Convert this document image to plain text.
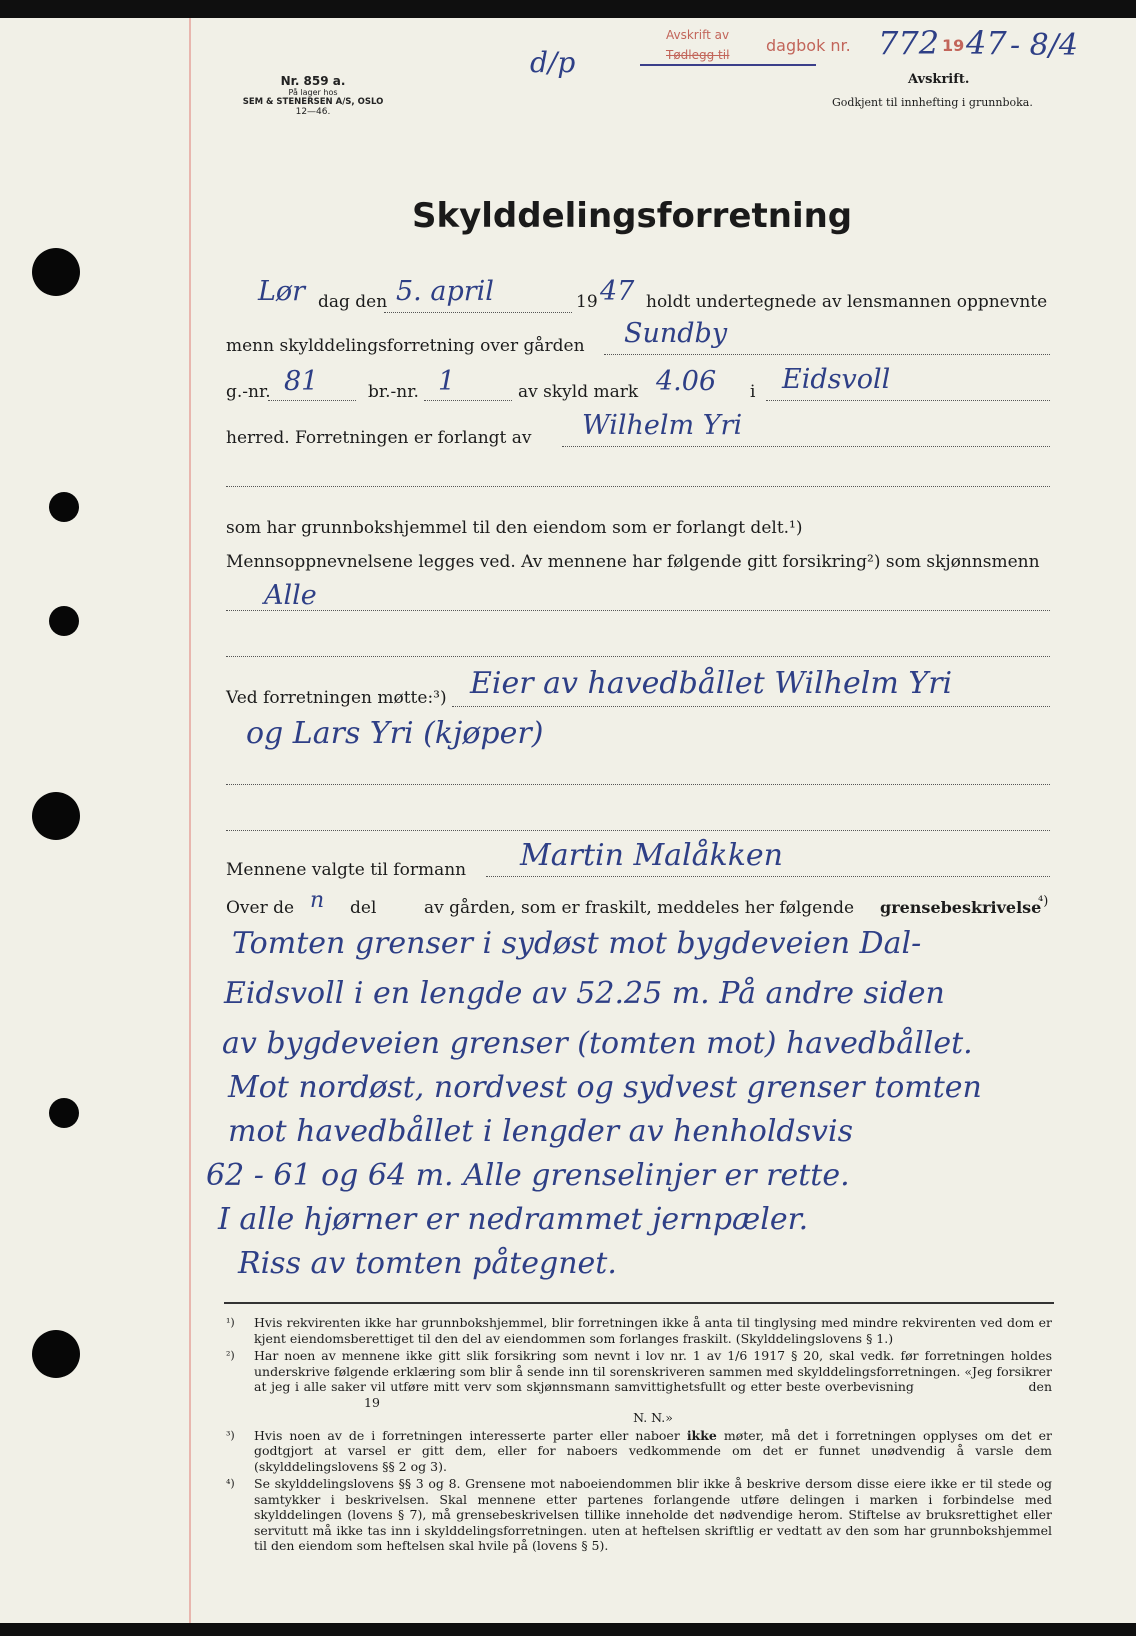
Nr. 859 a.
På lager hos
SEM & STENERSEN A/S, OSLO
12—46.
d/p
Avskrift av
Tødlegg til dagbok nr. 772 19 47 - 8/4
Avskrift.
Godkjent til innhefting i grunnboka.
Skylddelingsforretning
Lør dag den 5. april	19 47 holdt undertegnede av lensmannen oppnevnte
menn skylddelingsforretning over gården Sundby
g.-nr. 81	br.-nr. 1	av skyld mark 4.06 i Eidsvoll
herred. Forretningen er forlangt av Wilhelm Yri
som har grunnbokshjemmel til den eiendom som er forlangt delt.¹)
Mennsoppnevnelsene legges ved. Av mennene har følgende gitt forsikring²) som skjønnsmenn
Alle
Ved forretningen møtte:³) Eier av havedbållet Wilhelm Yri
og Lars Yri (kjøper)
Mennene valgte til formann Martin Malåkken
Over de n del	av gården, som er fraskilt, meddeles her følgende grensebeskrivelse
⁴)
Tomten grenser i sydøst mot bygdeveien Dal-
Eidsvoll i en lengde av 52.25 m. På andre siden
av bygdeveien grenser (tomten mot) havedbållet.
Mot nordøst, nordvest og sydvest grenser tomten
mot havedbållet i lengder av henholdsvis
62 - 61 og 64 m. Alle grenselinjer er rette.
I alle hjørner er nedrammet jernpæler.
Riss av tomten påtegnet.
¹)	Hvis rekvirenten ikke har grunnbokshjemmel, blir forretningen ikke å anta til tinglysing med mindre rekvirenten ved dom er kjent eiendomsberettiget til den del av eiendommen som forlanges fraskilt. (Skylddelingslovens § 1.)
²)	Har noen av mennene ikke gitt slik forsikring som nevnt i lov nr. 1 av 1/6 1917 § 20, skal vedk. før forretningen holdes underskrive følgende erklæring som blir å sende inn til sorenskriveren sammen med skylddelingsforretningen. «Jeg forsikrer at jeg i alle saker vil utføre mitt verv som skjønnsmann samvittighetsfullt og etter beste overbevisning	den 19
N. N.»
³)	Hvis noen av de i forretningen interesserte parter eller naboer ikke møter, må det i forretningen opplyses om det er godtgjort at varsel er gitt dem, eller for naboers vedkommende om det er funnet unødvendig å varsle dem (skylddelingslovens §§ 2 og 3).
⁴)	Se skylddelingslovens §§ 3 og 8. Grensene mot naboeiendommen blir ikke å beskrive dersom disse eiere ikke er til stede og samtykker i beskrivelsen. Skal mennene etter partenes forlangende utføre delingen i marken i forbindelse med skylddelingen (lovens § 7), må grensebeskrivelsen tillike inneholde det nødvendige herom. Stiftelse av bruksrettighet eller servitutt må ikke tas inn i skylddelingsforretningen. uten at heftelsen skriftlig er vedtatt av den som har grunnbokshjemmel til den eiendom som heftelsen skal hvile på (lovens § 5).
